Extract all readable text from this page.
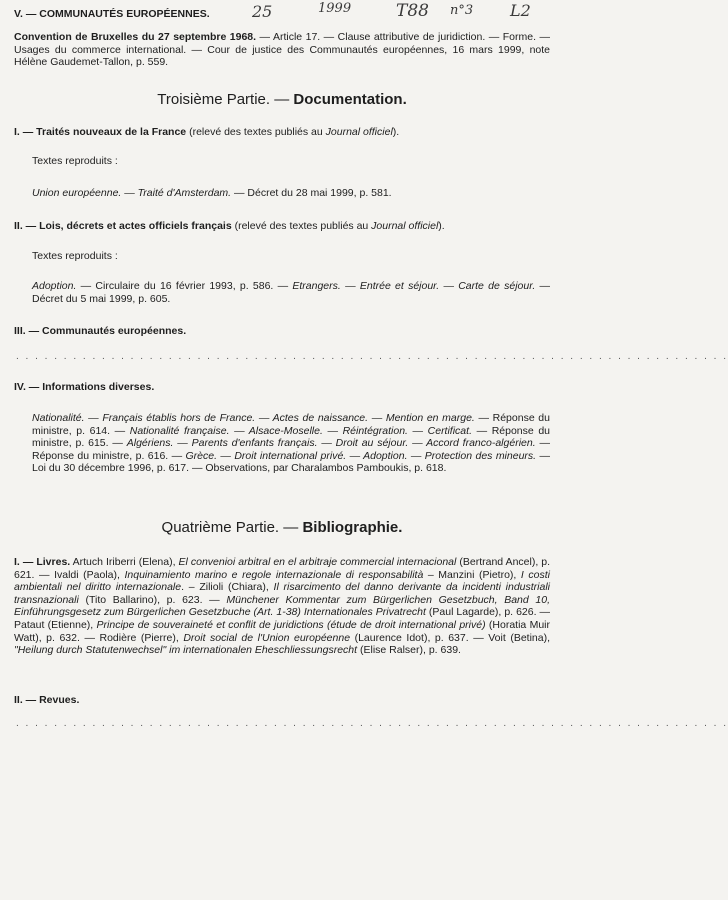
25	1999	T88 n°3 L2
V. — COMMUNAUTÉS EUROPÉENNES.

Convention de Bruxelles du 27 septembre 1968. — Article 17. — Clause attributive de juridiction. — Forme. — Usages du commerce international. — Cour de justice des Communautés européennes, 16 mars 1999, note Hélène Gaudemet-Tallon, p. 559.

Troisième Partie. — Documentation.

I. — Traités nouveaux de la France (relevé des textes publiés au Journal officiel).

Textes reproduits :

Union européenne. — Traité d'Amsterdam. — Décret du 28 mai 1999, p. 581.

II. — Lois, décrets et actes officiels français (relevé des textes publiés au Journal officiel).

Textes reproduits :

Adoption. — Circulaire du 16 février 1993, p. 586. — Etrangers. — Entrée et séjour. — Carte de séjour. — Décret du 5 mai 1999, p. 605.

III. — Communautés européennes.
. . . . . . . . . . . . . . . . . . . . . . . . . . . . . . . . . . . . . . . . . . . . . . . . . . . . . . . . . . . . . . . . . . . . . . . . . . .
IV. — Informations diverses.

Nationalité. — Français établis hors de France. — Actes de naissance. — Mention en marge. — Réponse du ministre, p. 614. — Nationalité française. — Alsace-Moselle. — Réintégration. — Certificat. — Réponse du ministre, p. 615. — Algériens. — Parents d'enfants français. — Droit au séjour. — Accord franco-algérien. — Réponse du ministre, p. 616. — Grèce. — Droit international privé. — Adoption. — Protection des mineurs. — Loi du 30 décembre 1996, p. 617. — Observations, par Charalambos Pamboukis, p. 618.

Quatrième Partie. — Bibliographie.

I. — Livres. Artuch Iriberri (Elena), El convenioi arbitral en el arbitraje commercial internacional (Bertrand Ancel), p. 621. — Ivaldi (Paola), Inquinamiento marino e regole internazionale di responsabilità – Manzini (Pietro), I costi ambientali nel diritto internazionale. – Zilioli (Chiara), Il risarcimento del danno derivante da incidenti industriali transnazionali (Tito Ballarino), p. 623. — Münchener Kommentar zum Bürgerlichen Gesetzbuch, Band 10, Einführungsgesetz zum Bürgerlichen Gesetzbuche (Art. 1-38) Internationales Privatrecht (Paul Lagarde), p. 626. — Pataut (Etienne), Principe de souveraineté et conflit de juridictions (étude de droit international privé) (Horatia Muir Watt), p. 632. — Rodière (Pierre), Droit social de l'Union européenne (Laurence Idot), p. 637. — Voit (Betina), "Heilung durch Statutenwechsel" im internationalen Eheschliessungsrecht (Elise Ralser), p. 639.

II. — Revues.
. . . . . . . . . . . . . . . . . . . . . . . . . . . . . . . . . . . . . . . . . . . . . . . . . . . . . . . . . . . . . . . . . . . . . . . . . . .
